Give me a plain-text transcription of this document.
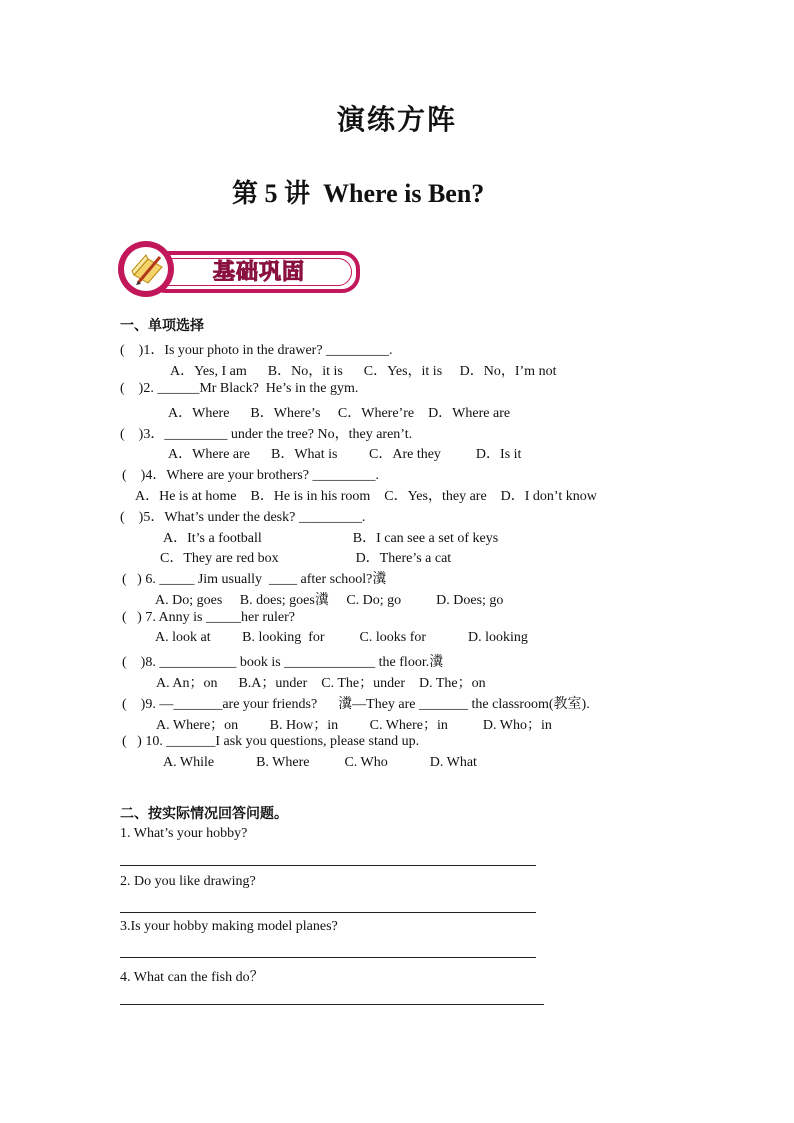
演练方阵
第 5 讲  Where is Ben?
基础巩固
一、单项选择
(    )1．Is your photo in the drawer? _________.
A．Yes, I am      B．No，it is      C．Yes，it is     D．No，I’m not
(    )2. ______Mr Black?  He’s in the gym.
A．Where      B．Where’s     C．Where’re    D．Where are
(    )3．_________ under the tree? No，they aren’t.
A．Where are      B．What is         C．Are they          D．Is it
(    )4．Where are your brothers? _________.
A．He is at home    B．He is in his room    C．Yes，they are    D．I don’t know
(    )5．What’s under the desk? _________.
A．It’s a football                          B．I can see a set of keys
C．They are red box                      D．There’s a cat
(   ) 6. _____ Jim usually  ____ after school?瀵
A. Do; goes     B. does; goes瀵     C. Do; go          D. Does; go
(   ) 7. Anny is _____her ruler?
A. look at         B. looking  for          C. looks for            D. looking
(    )8. ___________ book is _____________ the floor.瀵
A. An；on      B.A；under    C. The；under    D. The；on
(    )9. —_______are your friends?      瀵—They are _______ the classroom(教室).
A. Where；on         B. How；in         C. Where；in          D. Who；in
(   ) 10. _______I ask you questions, please stand up.
A. While            B. Where          C. Who            D. What
二、按实际情况回答问题。
1. What’s your hobby?
2. Do you like drawing?
3.Is your hobby making model planes?
4. What can the fish do？
